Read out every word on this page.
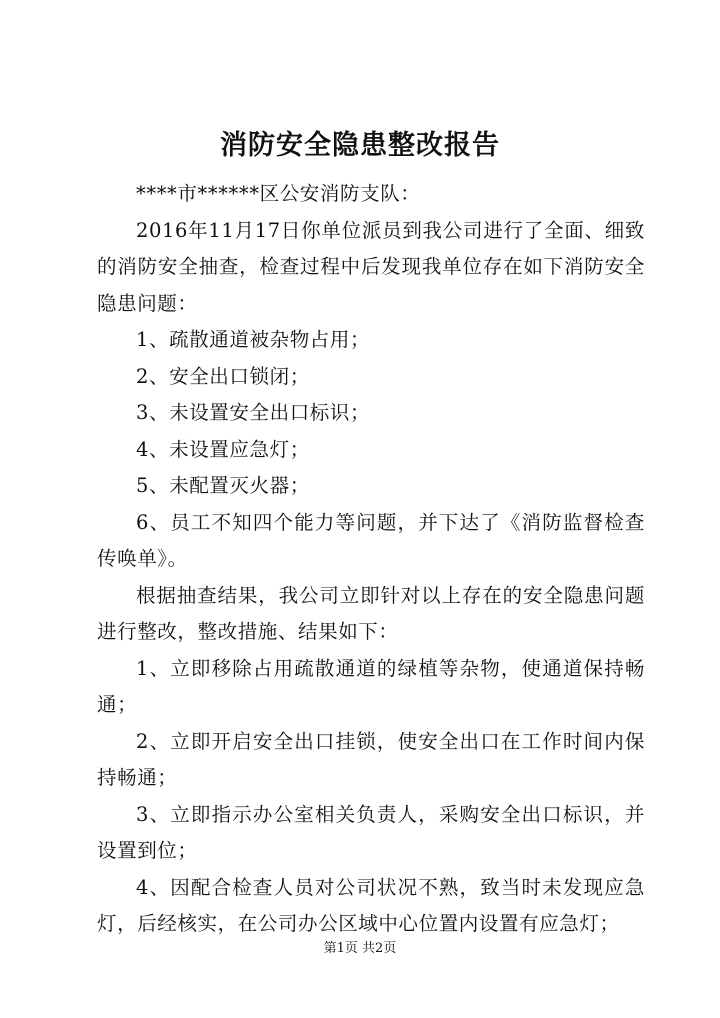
消防安全隐患整改报告

****市******区公安消防支队：

2016年11月17日你单位派员到我公司进行了全面、细致的消防安全抽查，检查过程中后发现我单位存在如下消防安全隐患问题：

1、疏散通道被杂物占用；

2、安全出口锁闭；

3、未设置安全出口标识；

4、未设置应急灯；

5、未配置灭火器；

6、员工不知四个能力等问题，并下达了《消防监督检查传唤单》。

根据抽查结果，我公司立即针对以上存在的安全隐患问题进行整改，整改措施、结果如下：

1、立即移除占用疏散通道的绿植等杂物，使通道保持畅通；

2、立即开启安全出口挂锁，使安全出口在工作时间内保持畅通；

3、立即指示办公室相关负责人，采购安全出口标识，并设置到位；

4、因配合检查人员对公司状况不熟，致当时未发现应急灯，后经核实，在公司办公区域中心位置内设置有应急灯；

第1页 共2页
